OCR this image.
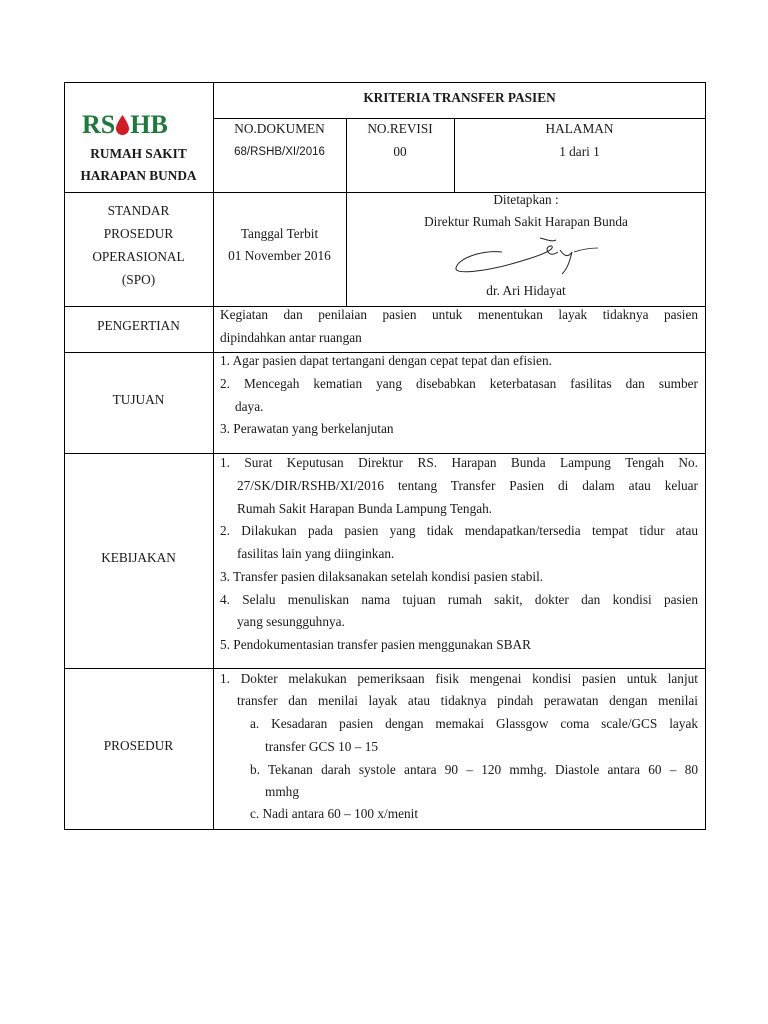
RS HB
RUMAH SAKIT
HARAPAN BUNDA
KRITERIA TRANSFER PASIEN
NO.DOKUMEN
68/RSHB/XI/2016
NO.REVISI
00
HALAMAN
1 dari 1
STANDAR
PROSEDUR
OPERASIONAL
(SPO)
Tanggal Terbit
01 November 2016
Ditetapkan :
Direktur Rumah Sakit Harapan Bunda
dr. Ari Hidayat
PENGERTIAN
Kegiatan dan penilaian pasien untuk menentukan layak tidaknya pasien
dipindahkan antar ruangan
TUJUAN
1. Agar pasien dapat tertangani dengan cepat tepat dan efisien.
2. Mencegah kematian yang disebabkan keterbatasan fasilitas dan sumber
daya.
3. Perawatan yang berkelanjutan
KEBIJAKAN
1. Surat Keputusan Direktur RS. Harapan Bunda Lampung Tengah No.
27/SK/DIR/RSHB/XI/2016 tentang Transfer Pasien di dalam atau keluar
Rumah Sakit Harapan Bunda Lampung Tengah.
2. Dilakukan pada pasien yang tidak mendapatkan/tersedia tempat tidur atau
fasilitas lain yang diinginkan.
3. Transfer pasien dilaksanakan setelah kondisi pasien stabil.
4. Selalu menuliskan nama tujuan rumah sakit, dokter dan kondisi pasien
yang sesungguhnya.
5. Pendokumentasian transfer pasien menggunakan SBAR
PROSEDUR
1. Dokter melakukan pemeriksaan fisik mengenai kondisi pasien untuk lanjut
transfer dan menilai layak atau tidaknya pindah perawatan dengan menilai
a. Kesadaran pasien dengan memakai Glassgow coma scale/GCS layak
transfer GCS 10 – 15
b. Tekanan darah systole antara 90 – 120 mmhg. Diastole antara 60 – 80
mmhg
c. Nadi antara 60 – 100 x/menit
